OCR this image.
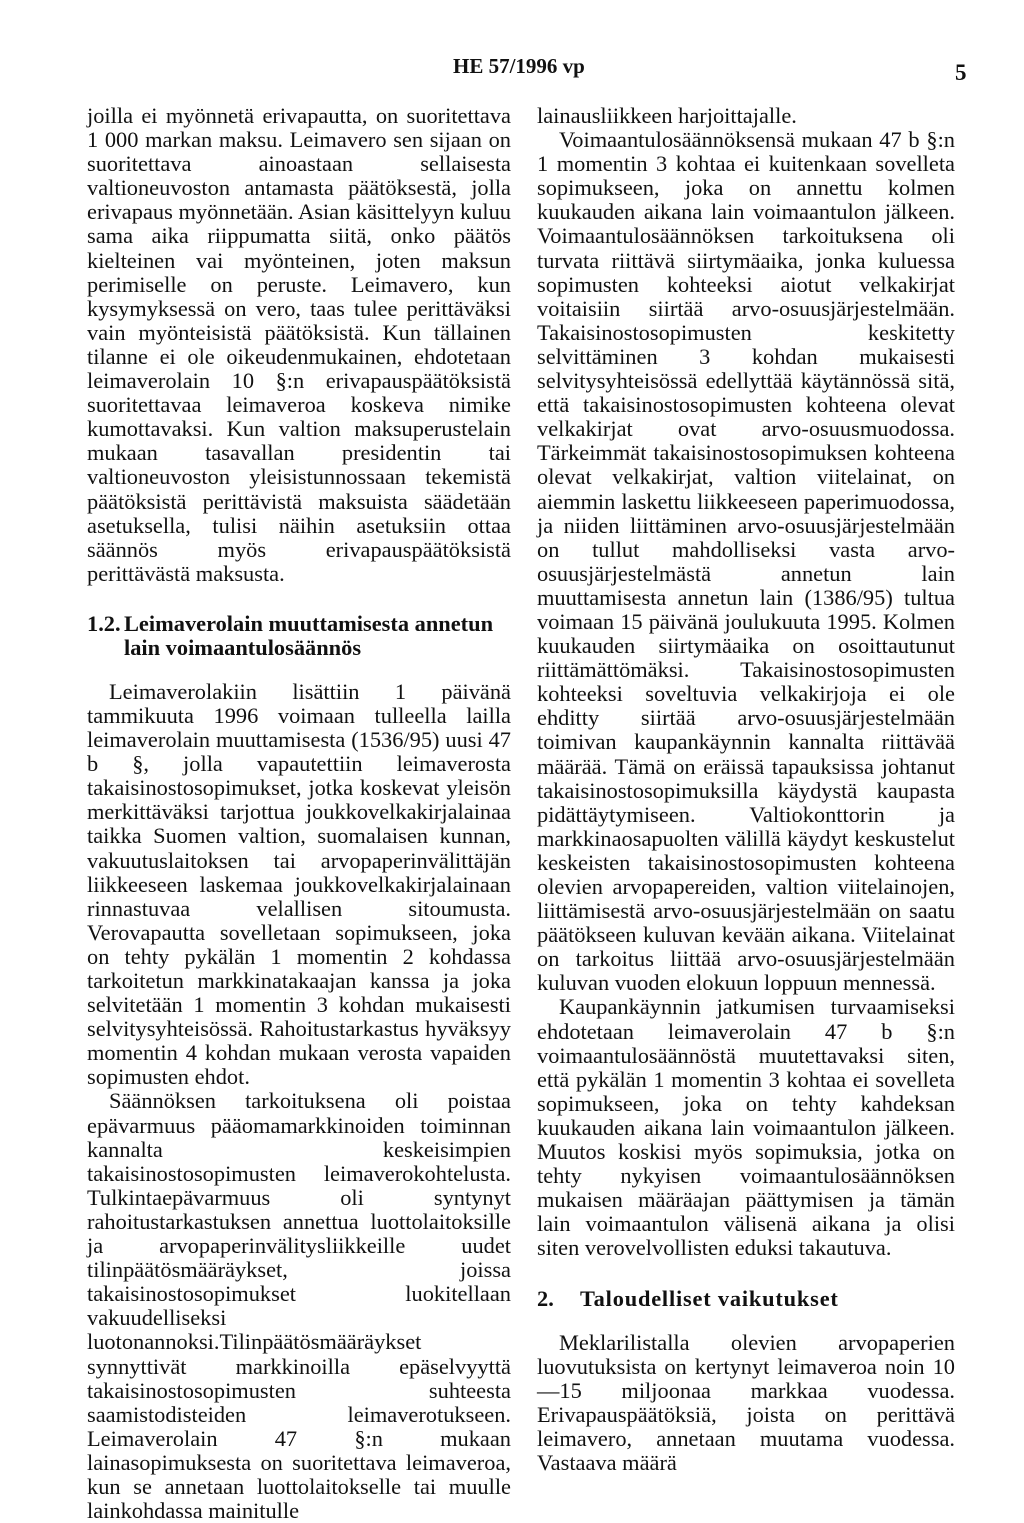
HE 57/1996 vp	5

joilla ei myönnetä erivapautta, on suoritettava 1 000 markan maksu. Leimavero sen sijaan on suoritettava ainoastaan sellaisesta valtioneuvoston antamasta päätöksestä, jolla erivapaus myönnetään. Asian käsittelyyn kuluu sama aika riippumatta siitä, onko päätös kielteinen vai myönteinen, joten maksun perimiselle on peruste. Leimavero, kun kysymyksessä on vero, taas tulee perittäväksi vain myönteisistä päätöksistä. Kun tällainen tilanne ei ole oikeudenmukainen, ehdotetaan leimaverolain 10 §:n erivapauspäätöksistä suoritettavaa leimaveroa koskeva nimike kumottavaksi. Kun valtion maksuperustelain mukaan tasavallan presidentin tai valtioneuvoston yleisistunnossaan tekemistä päätöksistä perittävistä maksuista säädetään asetuksella, tulisi näihin asetuksiin ottaa säännös myös erivapauspäätöksistä perittävästä maksusta.

1.2. Leimaverolain muuttamisesta annetun lain voimaantulosäännös

Leimaverolakiin lisättiin 1 päivänä tammikuuta 1996 voimaan tulleella lailla leimaverolain muuttamisesta (1536/95) uusi 47 b §, jolla vapautettiin leimaverosta takaisinostosopimukset, jotka koskevat yleisön merkittäväksi tarjottua joukkovelkakirjalainaa taikka Suomen valtion, suomalaisen kunnan, vakuutuslaitoksen tai arvopaperinvälittäjän liikkeeseen laskemaa joukkovelkakirjalainaan rinnastuvaa velallisen sitoumusta. Verovapautta sovelletaan sopimukseen, joka on tehty pykälän 1 momentin 2 kohdassa tarkoitetun markkinatakaajan kanssa ja joka selvitetään 1 momentin 3 kohdan mukaisesti selvitysyhteisössä. Rahoitustarkastus hyväksyy momentin 4 kohdan mukaan verosta vapaiden sopimusten ehdot.

Säännöksen tarkoituksena oli poistaa epävarmuus pääomamarkkinoiden toiminnan kannalta keskeisimpien takaisinostosopimusten leimaverokohtelusta. Tulkintaepävarmuus oli syntynyt rahoitustarkastuksen annettua luottolaitoksille ja arvopaperinvälitysliikkeille uudet tilinpäätösmääräykset, joissa takaisinostosopimukset luokitellaan vakuudelliseksi luotonannoksi.Tilinpäätösmääräykset synnyttivät markkinoilla epäselvyyttä takaisinostosopimusten suhteesta saamistodisteiden leimaverotukseen. Leimaverolain 47 §:n mukaan lainasopimuksesta on suoritettava leimaveroa, kun se annetaan luottolaitokselle tai muulle lainkohdassa mainitulle

lainausliikkeen harjoittajalle.

Voimaantulosäännöksensä mukaan 47 b §:n 1 momentin 3 kohtaa ei kuitenkaan sovelleta sopimukseen, joka on annettu kolmen kuukauden aikana lain voimaantulon jälkeen. Voimaantulosäännöksen tarkoituksena oli turvata riittävä siirtymäaika, jonka kuluessa sopimusten kohteeksi aiotut velkakirjat voitaisiin siirtää arvo-osuusjärjestelmään. Takaisinostosopimusten keskitetty selvittäminen 3 kohdan mukaisesti selvitysyhteisössä edellyttää käytännössä sitä, että takaisinostosopimusten kohteena olevat velkakirjat ovat arvo-osuusmuodossa. Tärkeimmät takaisinostosopimuksen kohteena olevat velkakirjat, valtion viitelainat, on aiemmin laskettu liikkeeseen paperimuodossa, ja niiden liittäminen arvo-osuusjärjestelmään on tullut mahdolliseksi vasta arvo-osuusjärjestelmästä annetun lain muuttamisesta annetun lain (1386/95) tultua voimaan 15 päivänä joulukuuta 1995. Kolmen kuukauden siirtymäaika on osoittautunut riittämättömäksi. Takaisinostosopimusten kohteeksi soveltuvia velkakirjoja ei ole ehditty siirtää arvo-osuusjärjestelmään toimivan kaupankäynnin kannalta riittävää määrää. Tämä on eräissä tapauksissa johtanut takaisinostosopimuksilla käydystä kaupasta pidättäytymiseen. Valtiokonttorin ja markkinaosapuolten välillä käydyt keskustelut keskeisten takaisinostosopimusten kohteena olevien arvopapereiden, valtion viitelainojen, liittämisestä arvo-osuusjärjestelmään on saatu päätökseen kuluvan kevään aikana. Viitelainat on tarkoitus liittää arvo-osuusjärjestelmään kuluvan vuoden elokuun loppuun mennessä.

Kaupankäynnin jatkumisen turvaamiseksi ehdotetaan leimaverolain 47 b §:n voimaantulosäännöstä muutettavaksi siten, että pykälän 1 momentin 3 kohtaa ei sovelleta sopimukseen, joka on tehty kahdeksan kuukauden aikana lain voimaantulon jälkeen. Muutos koskisi myös sopimuksia, jotka on tehty nykyisen voimaantulosäännöksen mukaisen määräajan päättymisen ja tämän lain voimaantulon välisenä aikana ja olisi siten verovelvollisten eduksi takautuva.

2. Taloudelliset vaikutukset

Meklarilistalla olevien arvopaperien luovutuksista on kertynyt leimaveroa noin 10—15 miljoonaa markkaa vuodessa. Erivapauspäätöksiä, joista on perittävä leimavero, annetaan muutama vuodessa. Vastaava määrä
